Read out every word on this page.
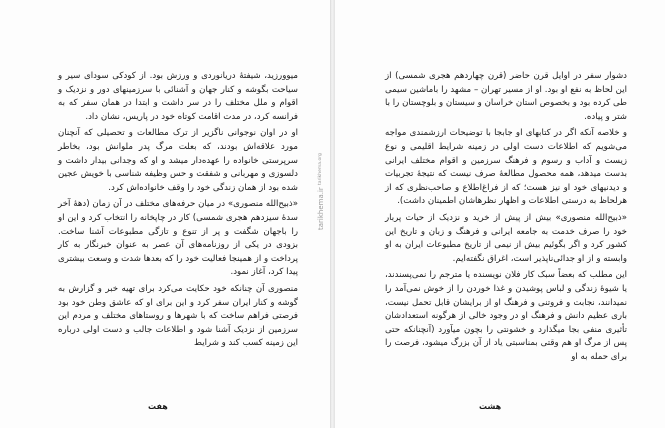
میوورزید، شیفتهٔ دریانوردی و ورزش بود. از کودکی سودای سیر و سیاحت بگوشه و کنار جهان و آشنائی با سرزمینهای دور و نزدیک و اقوام و ملل مختلف را در سر داشت و ابتدا در همان سفر که به فرانسه کرد، در مدت اقامت کوتاه خود در پاریس، نشان داد.

او در اوان نوجوانی ناگزیر از ترک مطالعات و تحصیلی که آنچنان مورد علاقه‌اش بودند، که بعلت مرگ پدر ملوانش بود، بخاطر سرپرستی خانواده را عهده‌دار میشد و او که وجدانی بیدار داشت و دلسوزی و مهربانی و شفقت و حس وظیفه شناسی با خویش عجین شده بود از همان زندگی خود را وقف خانواده‌اش کرد.

«ذبیح‌الله منصوری» در میان حرفه‌های مختلف در آن زمان (دههٔ آخر سدهٔ سیزدهم هجری شمسی) کار در چاپخانه را انتخاب کرد و این او را باجهان شگفت و پر از تنوع و تازگی مطبوعات آشنا ساخت. بزودی در یکی از روزنامه‌های آن عصر به عنوان خبرنگار به کار پرداخت و از همینجا فعالیت خود را که بعدها شدت و وسعت بیشتری پیدا کرد، آغاز نمود.

منصوری آن چنانکه خود حکایت می‌کرد برای تهیه خبر و گزارش به گوشه و کنار ایران سفر کرد و این برای او که عاشق وطن خود بود فرصتی فراهم ساخت که با شهرها و روستاهای مختلف و مردم این سرزمین از نزدیک آشنا شود و اطلاعات جالب و دست اولی درباره این زمینه کسب کند و شرایط

هفت
tarikhema.ir tarikhema.org

دشوار سفر در اوایل قرن حاضر (قرن چهاردهم هجری شمسی) از این لحاظ به نفع او بود. او از مسیر تهران – مشهد را باماشین سیمی طی کرده بود و بخصوص استان خراسان و سیستان و بلوچستان را با شتر و پیاده.

و خلاصه آنکه اگر در کتابهای او جابجا با توضیحات ارزشمندی مواجه می‌شویم که اطلاعات دست اولی در زمینه شرایط اقلیمی و نوع زیست و آداب و رسوم و فرهنگ سرزمین و اقوام مختلف ایرانی بدست میدهد، همه محصول مطالعهٔ صرف نیست که نتیجهٔ تجربیات و دیدنیهای خود او نیز هست؛ که از فراغ‌اطلاع و صاحب‌نظری که از هرلحاظ به درستی اطلاعات و اظهار نظرهاشان اطمینان داشت).

«ذبیح‌الله منصوری» بیش از پیش از خرید و نزدیک از حیات پربار خود را صرف خدمت به جامعه ایرانی و فرهنگ و زبان و تاریخ این کشور کرد و اگر بگوئیم بیش از نیمی از تاریخ مطبوعات ایران به او وابسته و از او جدائی‌ناپذیر است، اغراق نگفته‌ایم.

این مطلب که بعضاً سبک کار فلان نویسنده یا مترجم را نمی‌پسندند، یا شیوهٔ زندگی و لباس پوشیدن و غذا خوردن را از خوش نمی‌آمد را نمیدانند، نجابت و فروتنی و فرهنگ او از برایشان قابل تحمل نیست، باری عظیم دانش و فرهنگ او در وجود خالی از هرگونه استعدادشان تأثیری منفی بجا میگذارد و خشونتی را بچون میآورد (آنچنانکه حتی پس از مرگ او هم وقتی بمناسبتی یاد از آن بزرگ میشود، فرصت را برای حمله به او

هشت
